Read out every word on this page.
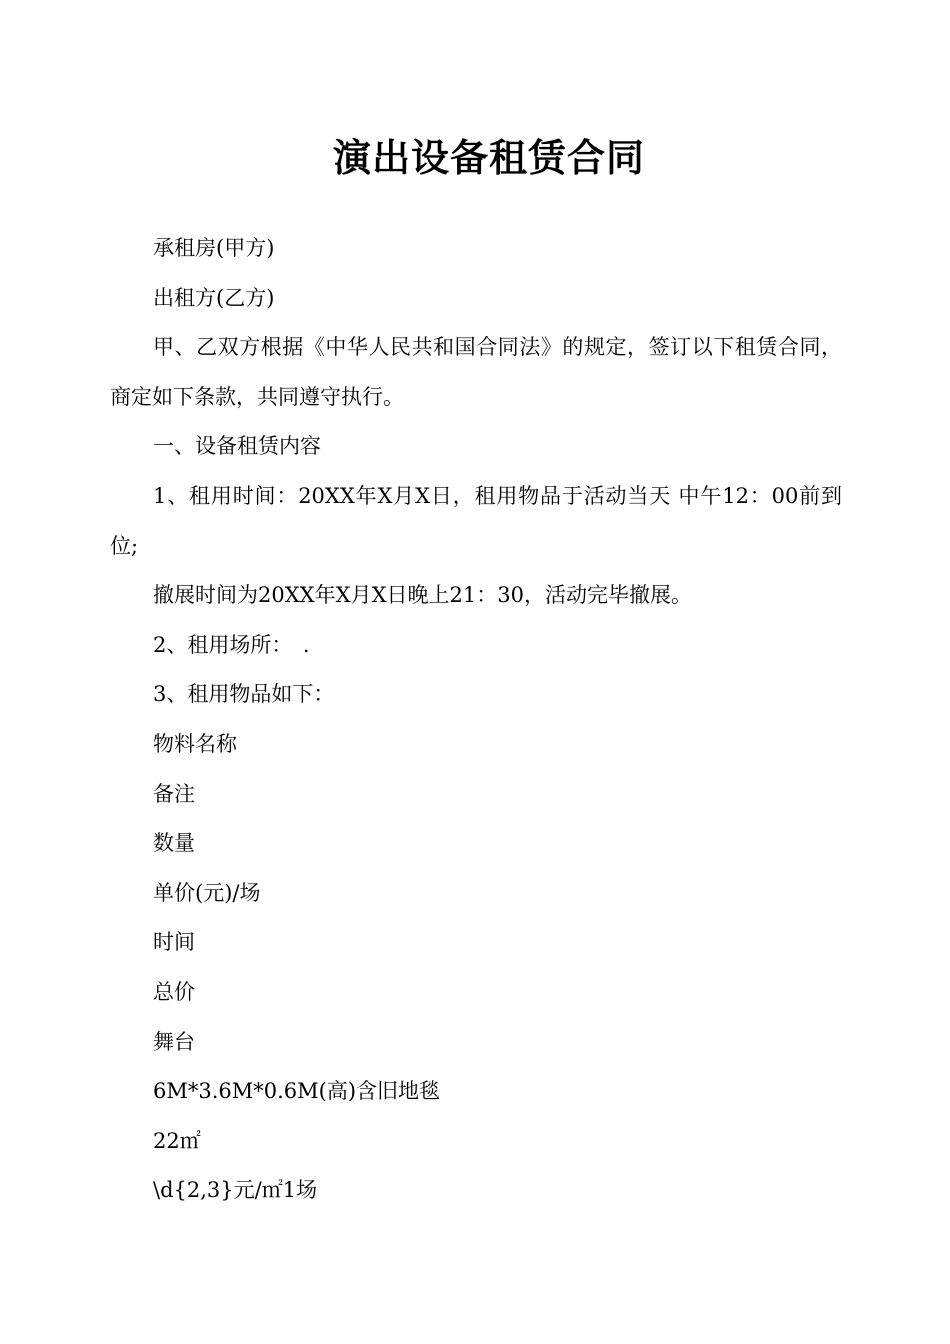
演出设备租赁合同

承租房(甲方)

出租方(乙方)

甲、乙双方根据《中华人民共和国合同法》的规定，签订以下租赁合同，商定如下条款，共同遵守执行。

一、设备租赁内容

1、租用时间：20XX年X月X日，租用物品于活动当天 中午12：00前到位;

撤展时间为20XX年X月X日晚上21：30，活动完毕撤展。

2、租用场所：　.

3、租用物品如下：

物料名称

备注

数量

单价(元)/场

时间

总价

舞台

6M*3.6M*0.6M(高)含旧地毯

22㎡

\d{2,3}元/㎡1场
